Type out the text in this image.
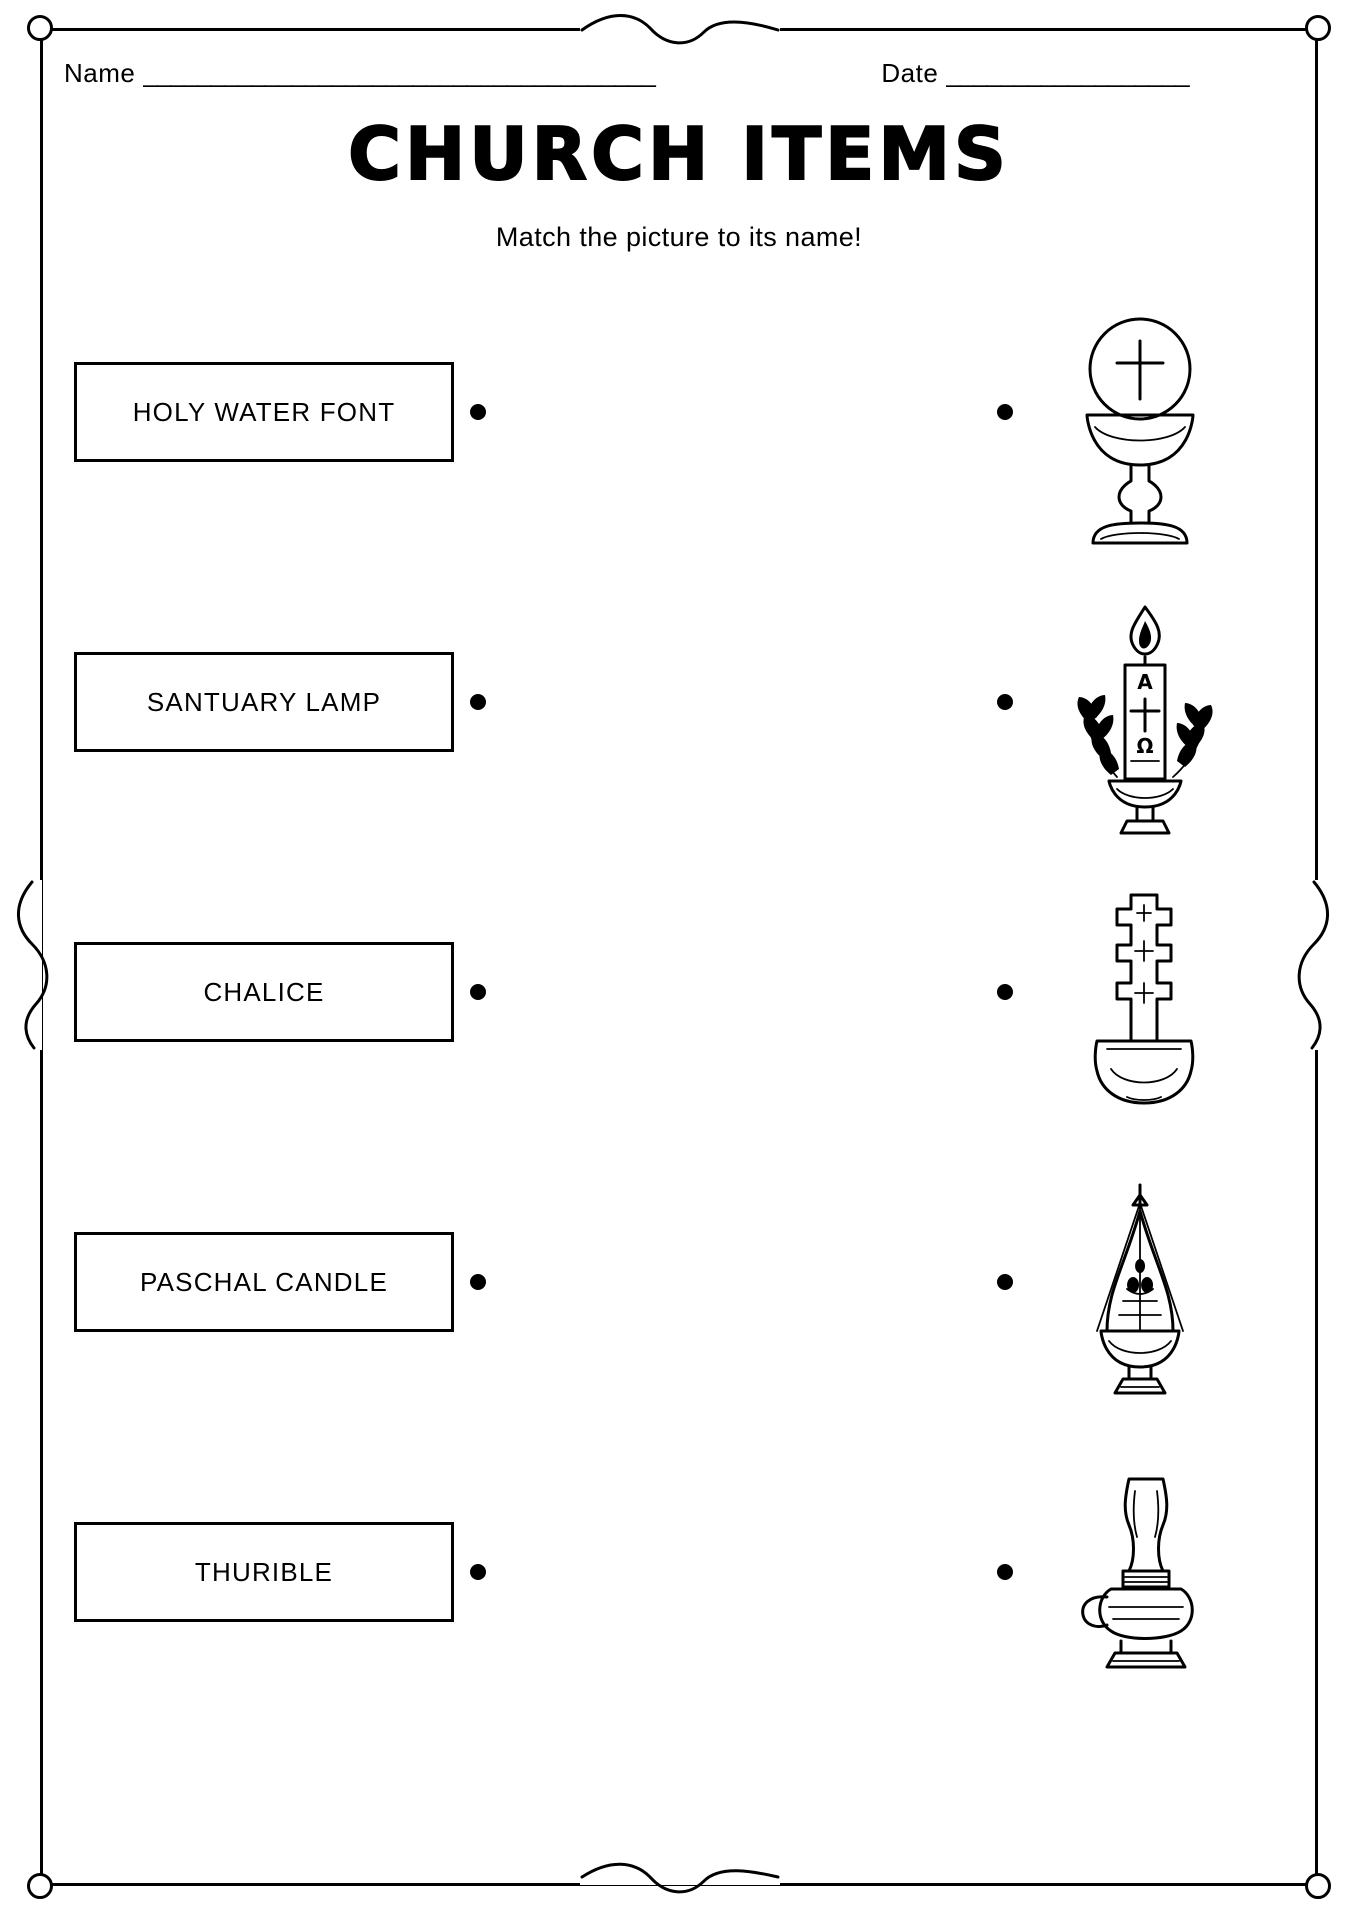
Name ______________________________________	Date __________________
CHURCH ITEMS
Match the picture to its name!
HOLY WATER FONT
SANTUARY LAMP
A
Ω
CHALICE
PASCHAL CANDLE
THURIBLE
